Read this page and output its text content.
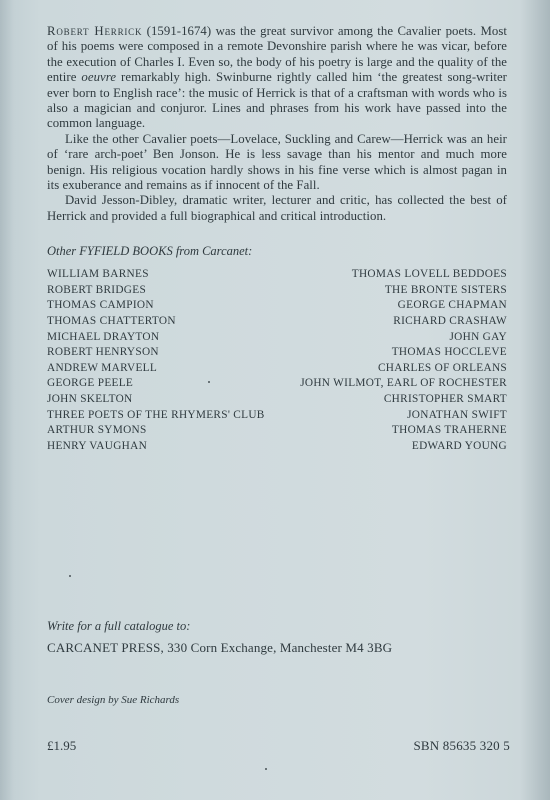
Robert Herrick (1591-1674) was the great survivor among the Cavalier poets. Most of his poems were composed in a remote Devonshire parish where he was vicar, before the execution of Charles I. Even so, the body of his poetry is large and the quality of the entire oeuvre remarkably high. Swinburne rightly called him ‘the greatest song-writer ever born to English race’: the music of Herrick is that of a craftsman with words who is also a magician and conjuror. Lines and phrases from his work have passed into the common language.

Like the other Cavalier poets—Lovelace, Suckling and Carew—Herrick was an heir of ‘rare arch-poet’ Ben Jonson. He is less savage than his mentor and much more benign. His religious vocation hardly shows in his fine verse which is almost pagan in its exuberance and remains as if innocent of the Fall.

David Jesson-Dibley, dramatic writer, lecturer and critic, has collected the best of Herrick and provided a full biographical and critical introduction.

Other FYFIELD BOOKS from Carcanet:
WILLIAM BARNES
ROBERT BRIDGES
THOMAS CAMPION
THOMAS CHATTERTON
MICHAEL DRAYTON
ROBERT HENRYSON
ANDREW MARVELL
GEORGE PEELE
JOHN SKELTON
THREE POETS OF THE RHYMERS' CLUB
ARTHUR SYMONS
HENRY VAUGHAN
THOMAS LOVELL BEDDOES
THE BRONTE SISTERS
GEORGE CHAPMAN
RICHARD CRASHAW
JOHN GAY
THOMAS HOCCLEVE
CHARLES OF ORLEANS
JOHN WILMOT, EARL OF ROCHESTER
CHRISTOPHER SMART
JONATHAN SWIFT
THOMAS TRAHERNE
EDWARD YOUNG
Write for a full catalogue to:
CARCANET PRESS, 330 Corn Exchange, Manchester M4 3BG
Cover design by Sue Richards
£1.95	SBN 85635 320 5
